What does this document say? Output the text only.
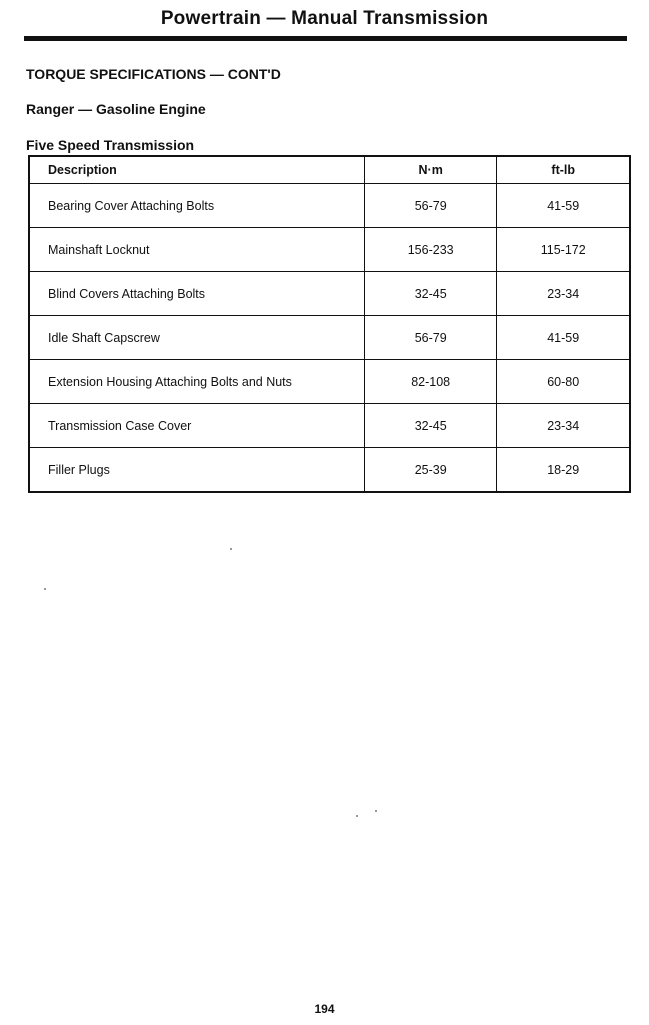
Powertrain — Manual Transmission
TORQUE SPECIFICATIONS — CONT'D
Ranger — Gasoline Engine
Five Speed Transmission
Description	N·m	ft-lb
Bearing Cover Attaching Bolts	56-79	41-59
Mainshaft Locknut	156-233	115-172
Blind Covers Attaching Bolts	32-45	23-34
Idle Shaft Capscrew	56-79	41-59
Extension Housing Attaching Bolts and Nuts	82-108	60-80
Transmission Case Cover	32-45	23-34
Filler Plugs	25-39	18-29
194
